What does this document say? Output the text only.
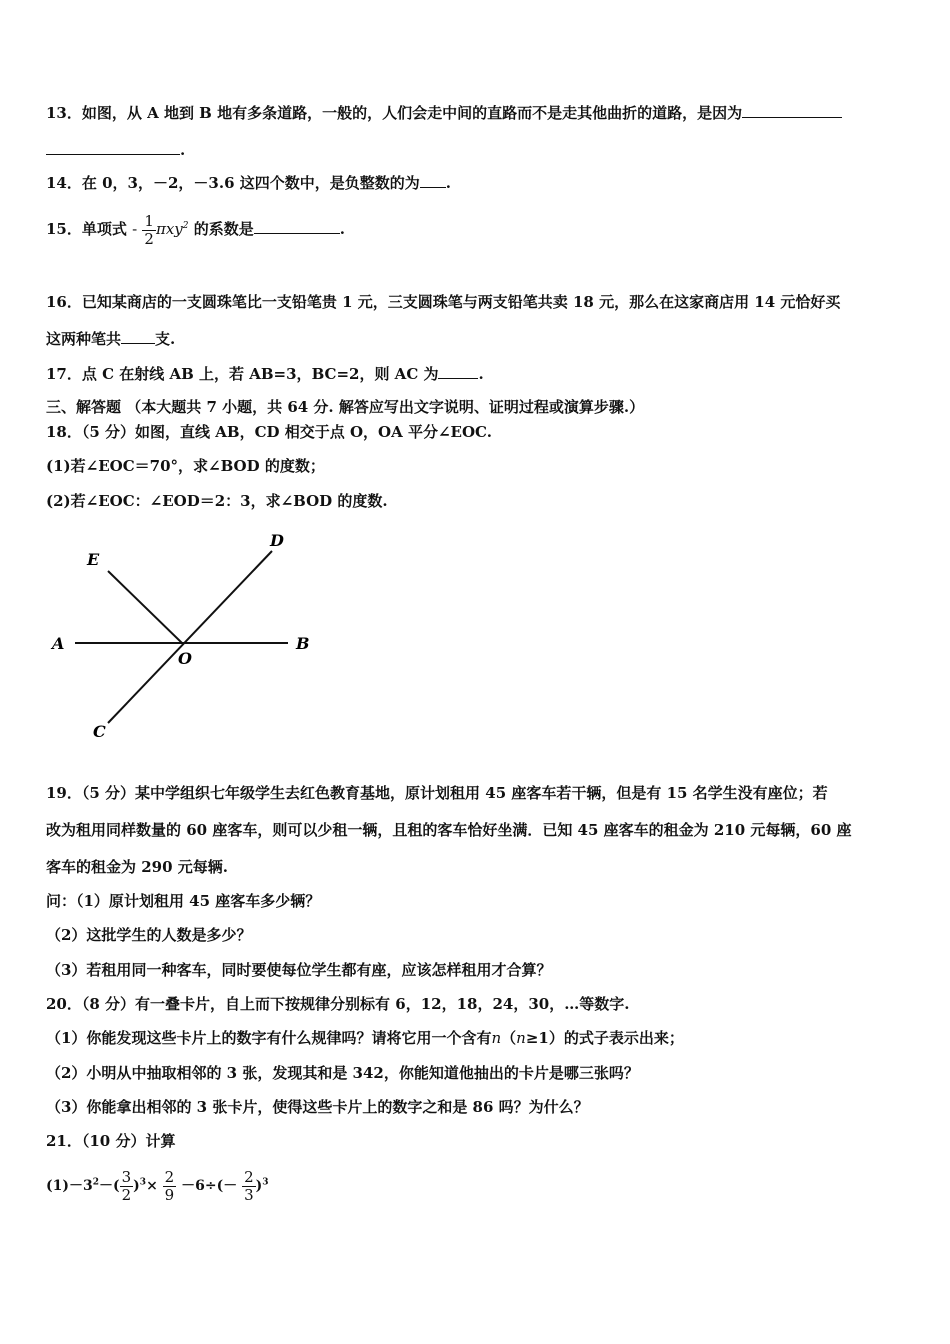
13．如图，从 A 地到 B 地有多条道路，一般的，人们会走中间的直路而不是走其他曲折的道路，是因为
.
14．在 0，3，－2，－3.6 这四个数中，是负整数的为 .
15．单项式 - $\frac{1}{2} \pi xy^2$ 的系数是	.
16．已知某商店的一支圆珠笔比一支铅笔贵 1 元，三支圆珠笔与两支铅笔共卖 18 元，那么在这家商店用 14 元恰好买
这两种笔共 支.
17．点 C 在射线 AB 上，若 AB=3，BC=2，则 AC 为	.
三、解答题 （本大题共 7 小题，共 64 分. 解答应写出文字说明、证明过程或演算步骤.）
18．（5 分）如图，直线 AB，CD 相交于点 O，OA 平分∠EOC.
(1)若∠EOC＝70°，求∠BOD 的度数；
(2)若∠EOC：∠EOD＝2：3，求∠BOD 的度数.
A	B
C
D
E
O
19．（5 分）某中学组织七年级学生去红色教育基地，原计划租用 45 座客车若干辆，但是有 15 名学生没有座位；若
改为租用同样数量的 60 座客车，则可以少租一辆，且租的客车恰好坐满．已知 45 座客车的租金为 210 元每辆，60 座
客车的租金为 290 元每辆.
问：（1）原计划租用 45 座客车多少辆？
（2）这批学生的人数是多少？
（3）若租用同一种客车，同时要使每位学生都有座，应该怎样租用才合算？
20．（8 分）有一叠卡片，自上而下按规律分别标有 6，12，18，24，30，…等数字.
（1）你能发现这些卡片上的数字有什么规律吗？请将它用一个含有n（n≥1）的式子表示出来；
（2）小明从中抽取相邻的 3 张，发现其和是 342，你能知道他抽出的卡片是哪三张吗？
（3）你能拿出相邻的 3 张卡片，使得这些卡片上的数字之和是 86 吗？为什么？
21．（10 分）计算
$(1)-3^2-( \frac{3}{2} )^3\times \frac{2}{9} -6\div(- \frac{2}{3} )^3$
